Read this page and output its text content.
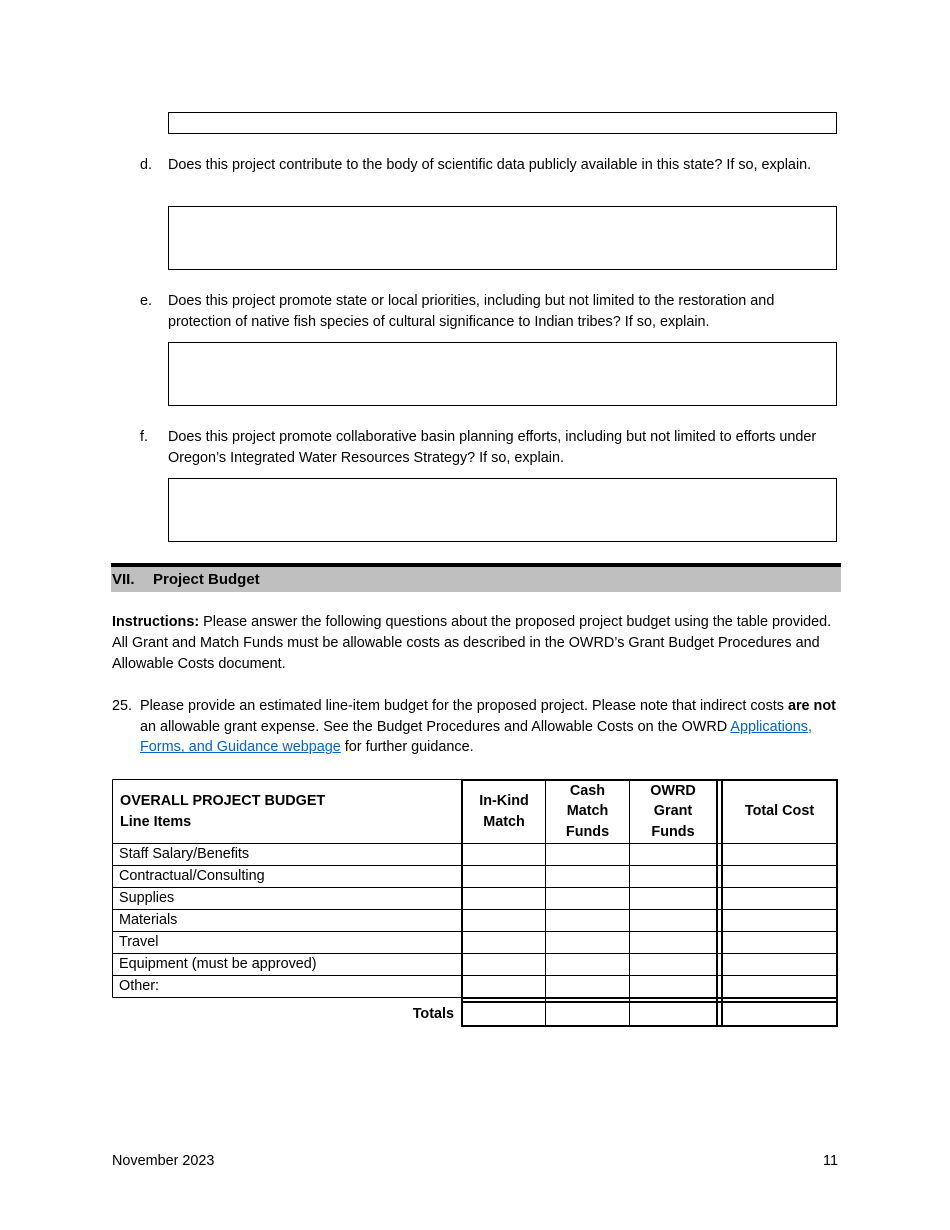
d. Does this project contribute to the body of scientific data publicly available in this state? If so, explain.
e. Does this project promote state or local priorities, including but not limited to the restoration and protection of native fish species of cultural significance to Indian tribes? If so, explain.
f. Does this project promote collaborative basin planning efforts, including but not limited to efforts under Oregon’s Integrated Water Resources Strategy? If so, explain.
VII. Project Budget
Instructions: Please answer the following questions about the proposed project budget using the table provided. All Grant and Match Funds must be allowable costs as described in the OWRD’s Grant Budget Procedures and Allowable Costs document.
25. Please provide an estimated line-item budget for the proposed project. Please note that indirect costs are not an allowable grant expense. See the Budget Procedures and Allowable Costs on the OWRD Applications, Forms, and Guidance webpage for further guidance.
OVERALL PROJECT BUDGET
Line Items
In-Kind
Match
Cash
Match
Funds
OWRD
Grant
Funds
Total Cost
Staff Salary/Benefits
Contractual/Consulting
Supplies
Materials
Travel
Equipment (must be approved)
Other:
Totals
November 2023	11
